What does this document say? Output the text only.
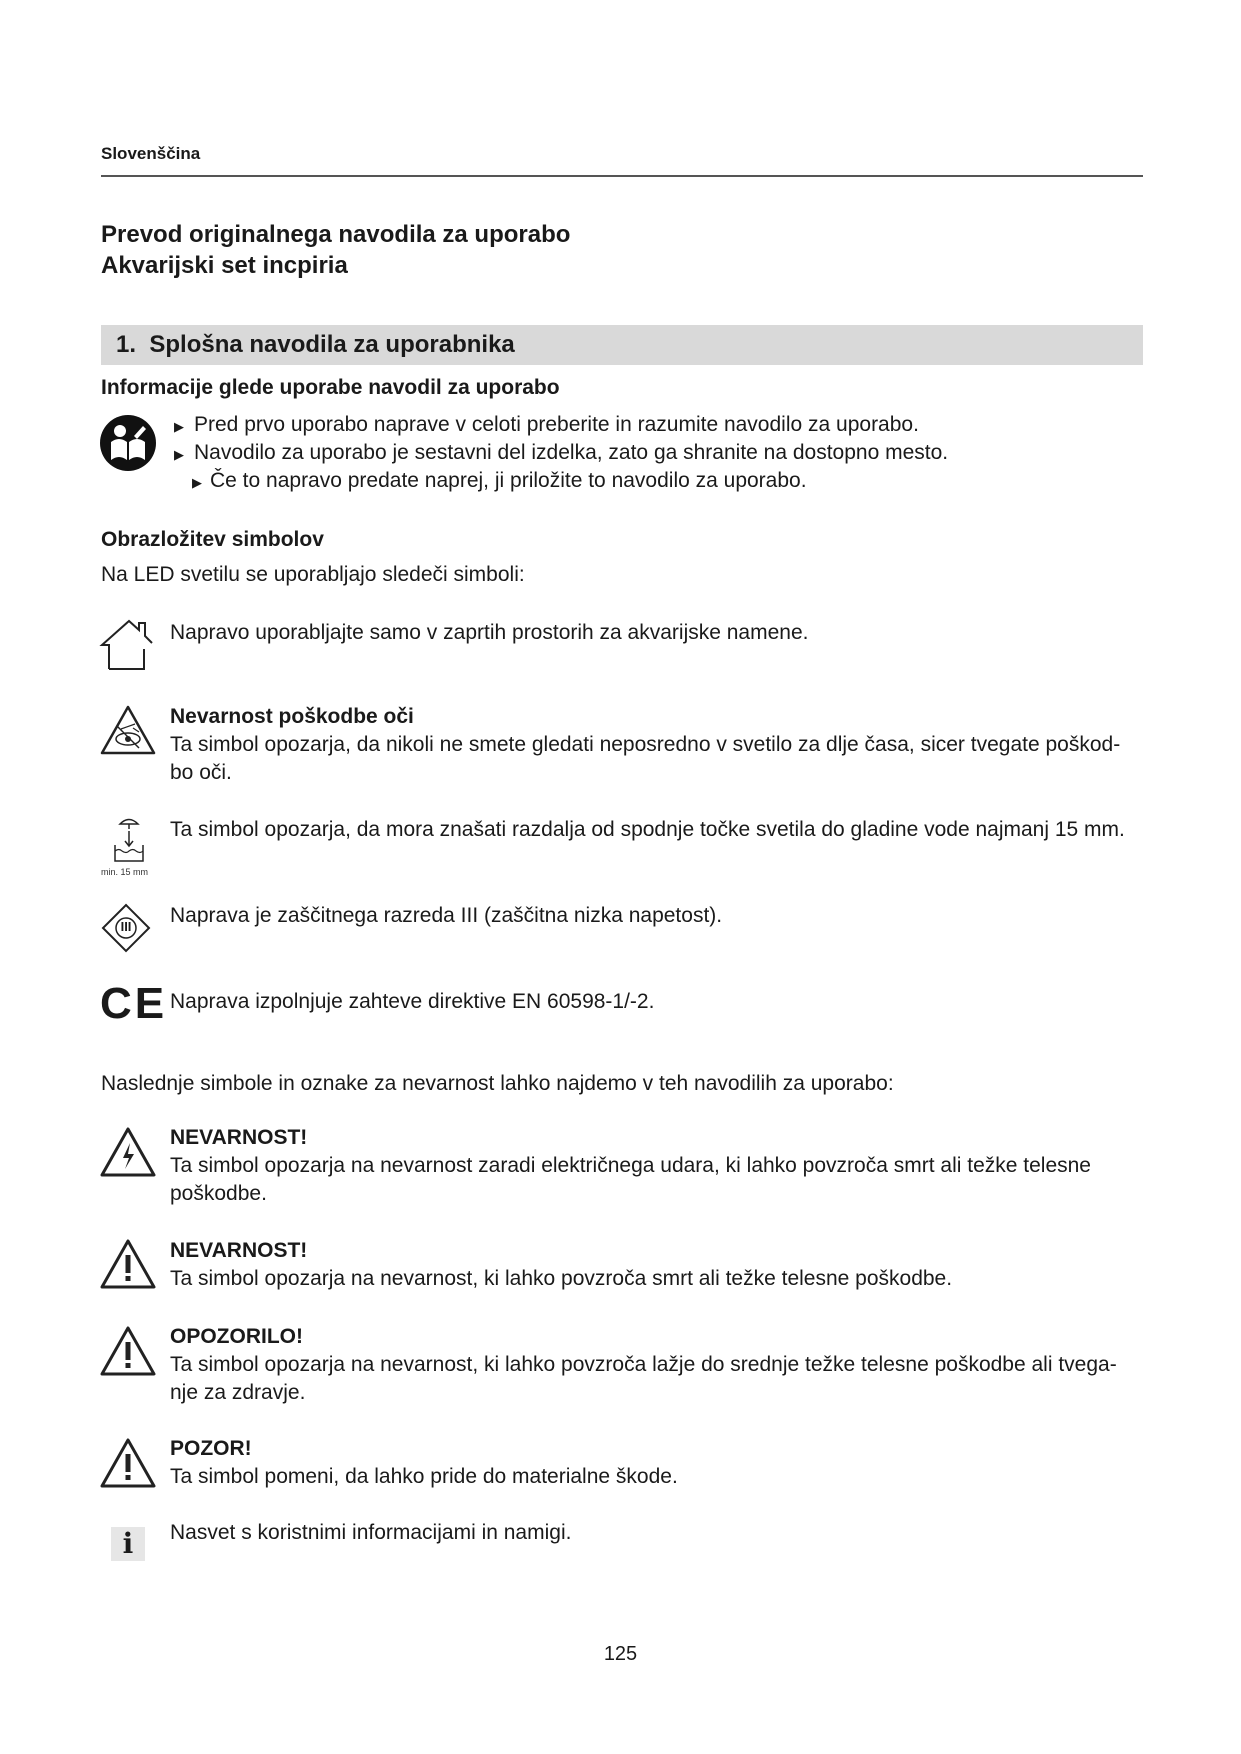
Slovenščina
Prevod originalnega navodila za uporabo
Akvarijski set incpiria
1. Splošna navodila za uporabnika
Informacije glede uporabe navodil za uporabo
▶ Pred prvo uporabo naprave v celoti preberite in razumite navodilo za uporabo.
▶ Navodilo za uporabo je sestavni del izdelka, zato ga shranite na dostopno mesto.
▶ Če to napravo predate naprej, ji priložite to navodilo za uporabo.
Obrazložitev simbolov
Na LED svetilu se uporabljajo sledeči simboli:
Napravo uporabljajte samo v zaprtih prostorih za akvarijske namene.
Nevarnost poškodbe oči
Ta simbol opozarja, da nikoli ne smete gledati neposredno v svetilo za dlje časa, sicer tvegate poškod-
bo oči.
min. 15 mm
Ta simbol opozarja, da mora znašati razdalja od spodnje točke svetila do gladine vode najmanj 15 mm.
III	Naprava je zaščitnega razreda III (zaščitna nizka napetost).
CE Naprava izpolnjuje zahteve direktive EN 60598-1/-2.
Naslednje simbole in oznake za nevarnost lahko najdemo v teh navodilih za uporabo:
NEVARNOST!
Ta simbol opozarja na nevarnost zaradi električnega udara, ki lahko povzroča smrt ali težke telesne
poškodbe.
NEVARNOST!
Ta simbol opozarja na nevarnost, ki lahko povzroča smrt ali težke telesne poškodbe.
OPOZORILO!
Ta simbol opozarja na nevarnost, ki lahko povzroča lažje do srednje težke telesne poškodbe ali tvega-
nje za zdravje.
POZOR!
Ta simbol pomeni, da lahko pride do materialne škode.
i	Nasvet s koristnimi informacijami in namigi.
125
